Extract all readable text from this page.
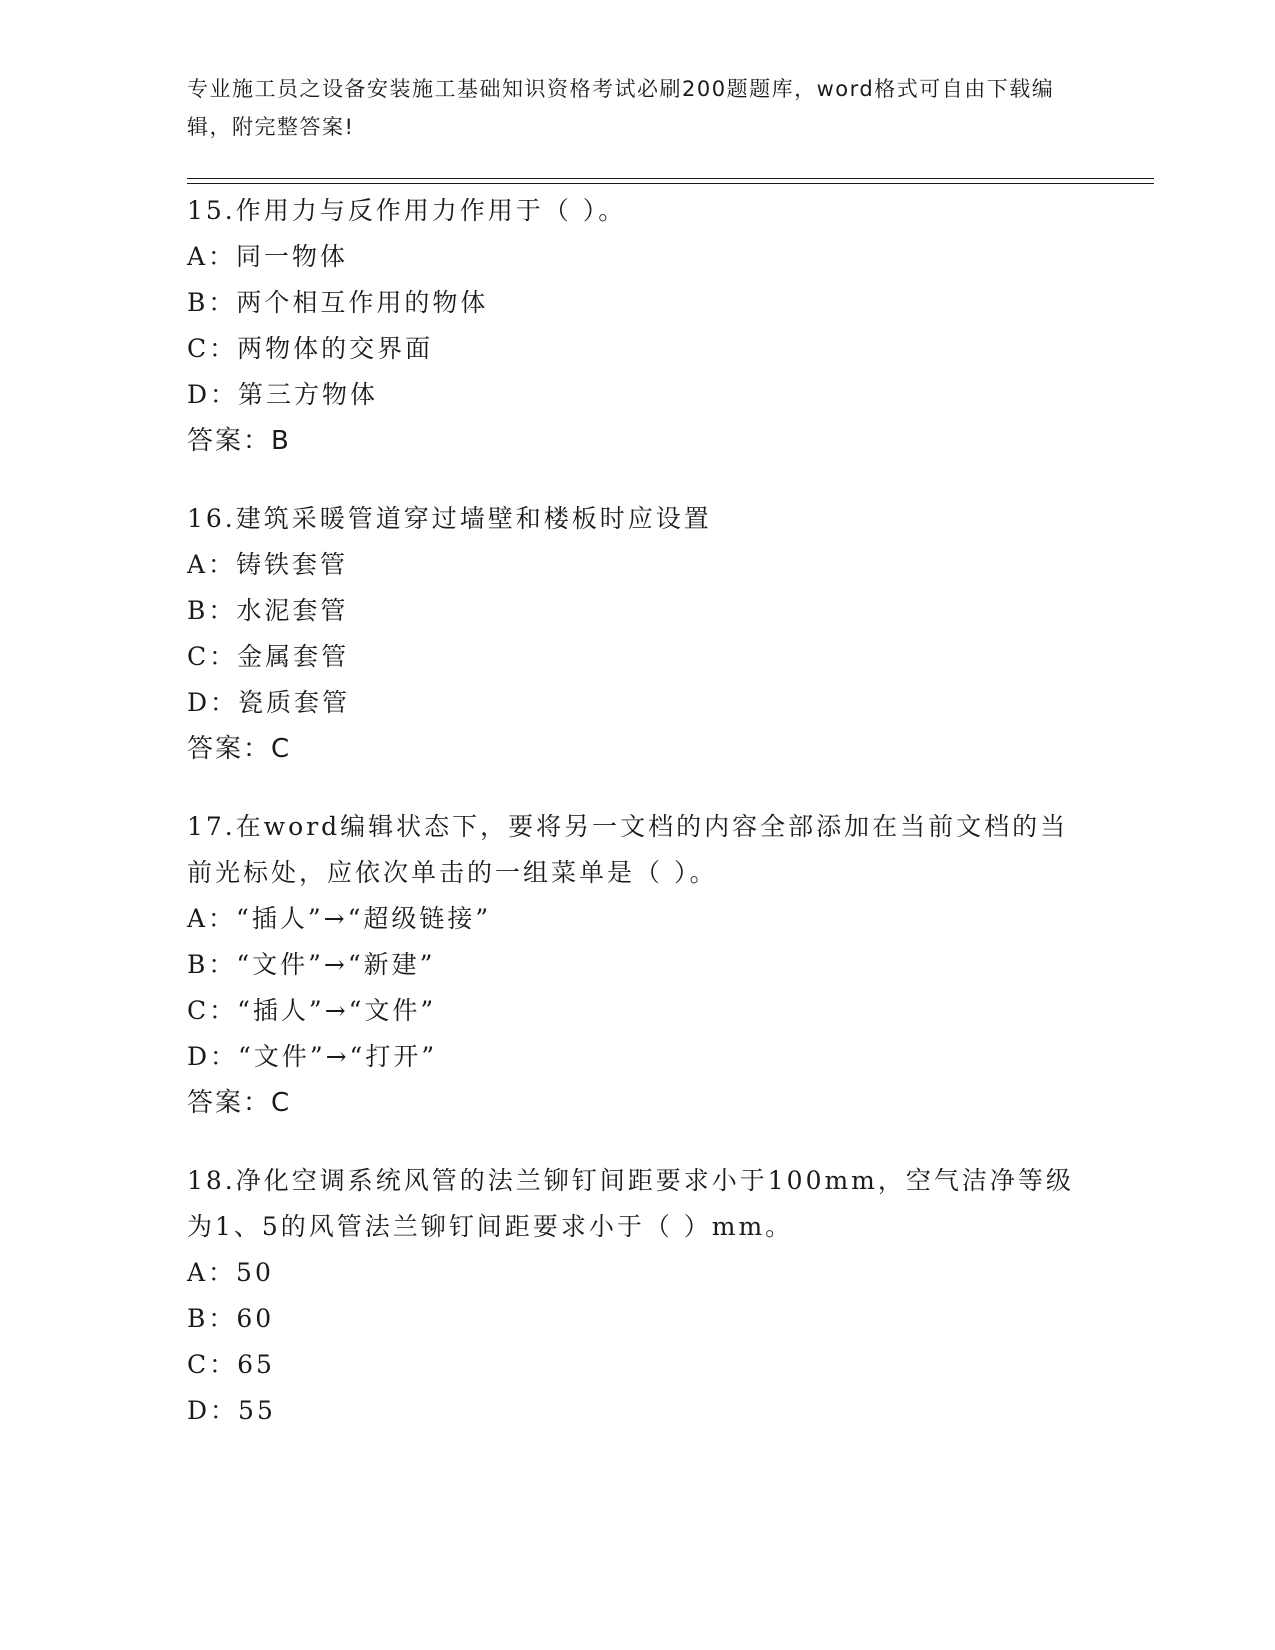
专业施工员之设备安装施工基础知识资格考试必刷200题题库，word格式可自由下载编辑，附完整答案!
15.作用力与反作用力作用于（ ）。
A：同一物体
B：两个相互作用的物体
C：两物体的交界面
D：第三方物体
答案：B
16.建筑采暖管道穿过墙壁和楼板时应设置
A：铸铁套管
B：水泥套管
C：金属套管
D：瓷质套管
答案：C
17.在word编辑状态下，要将另一文档的内容全部添加在当前文档的当前光标处，应依次单击的一组菜单是（ ）。
A：“插人”→“超级链接”
B：“文件”→“新建”
C：“插人”→“文件”
D：“文件”→“打开”
答案：C
18.净化空调系统风管的法兰铆钉间距要求小于100mm，空气洁净等级为1、5的风管法兰铆钉间距要求小于（ ）mm。
A：50
B：60
C：65
D：55
